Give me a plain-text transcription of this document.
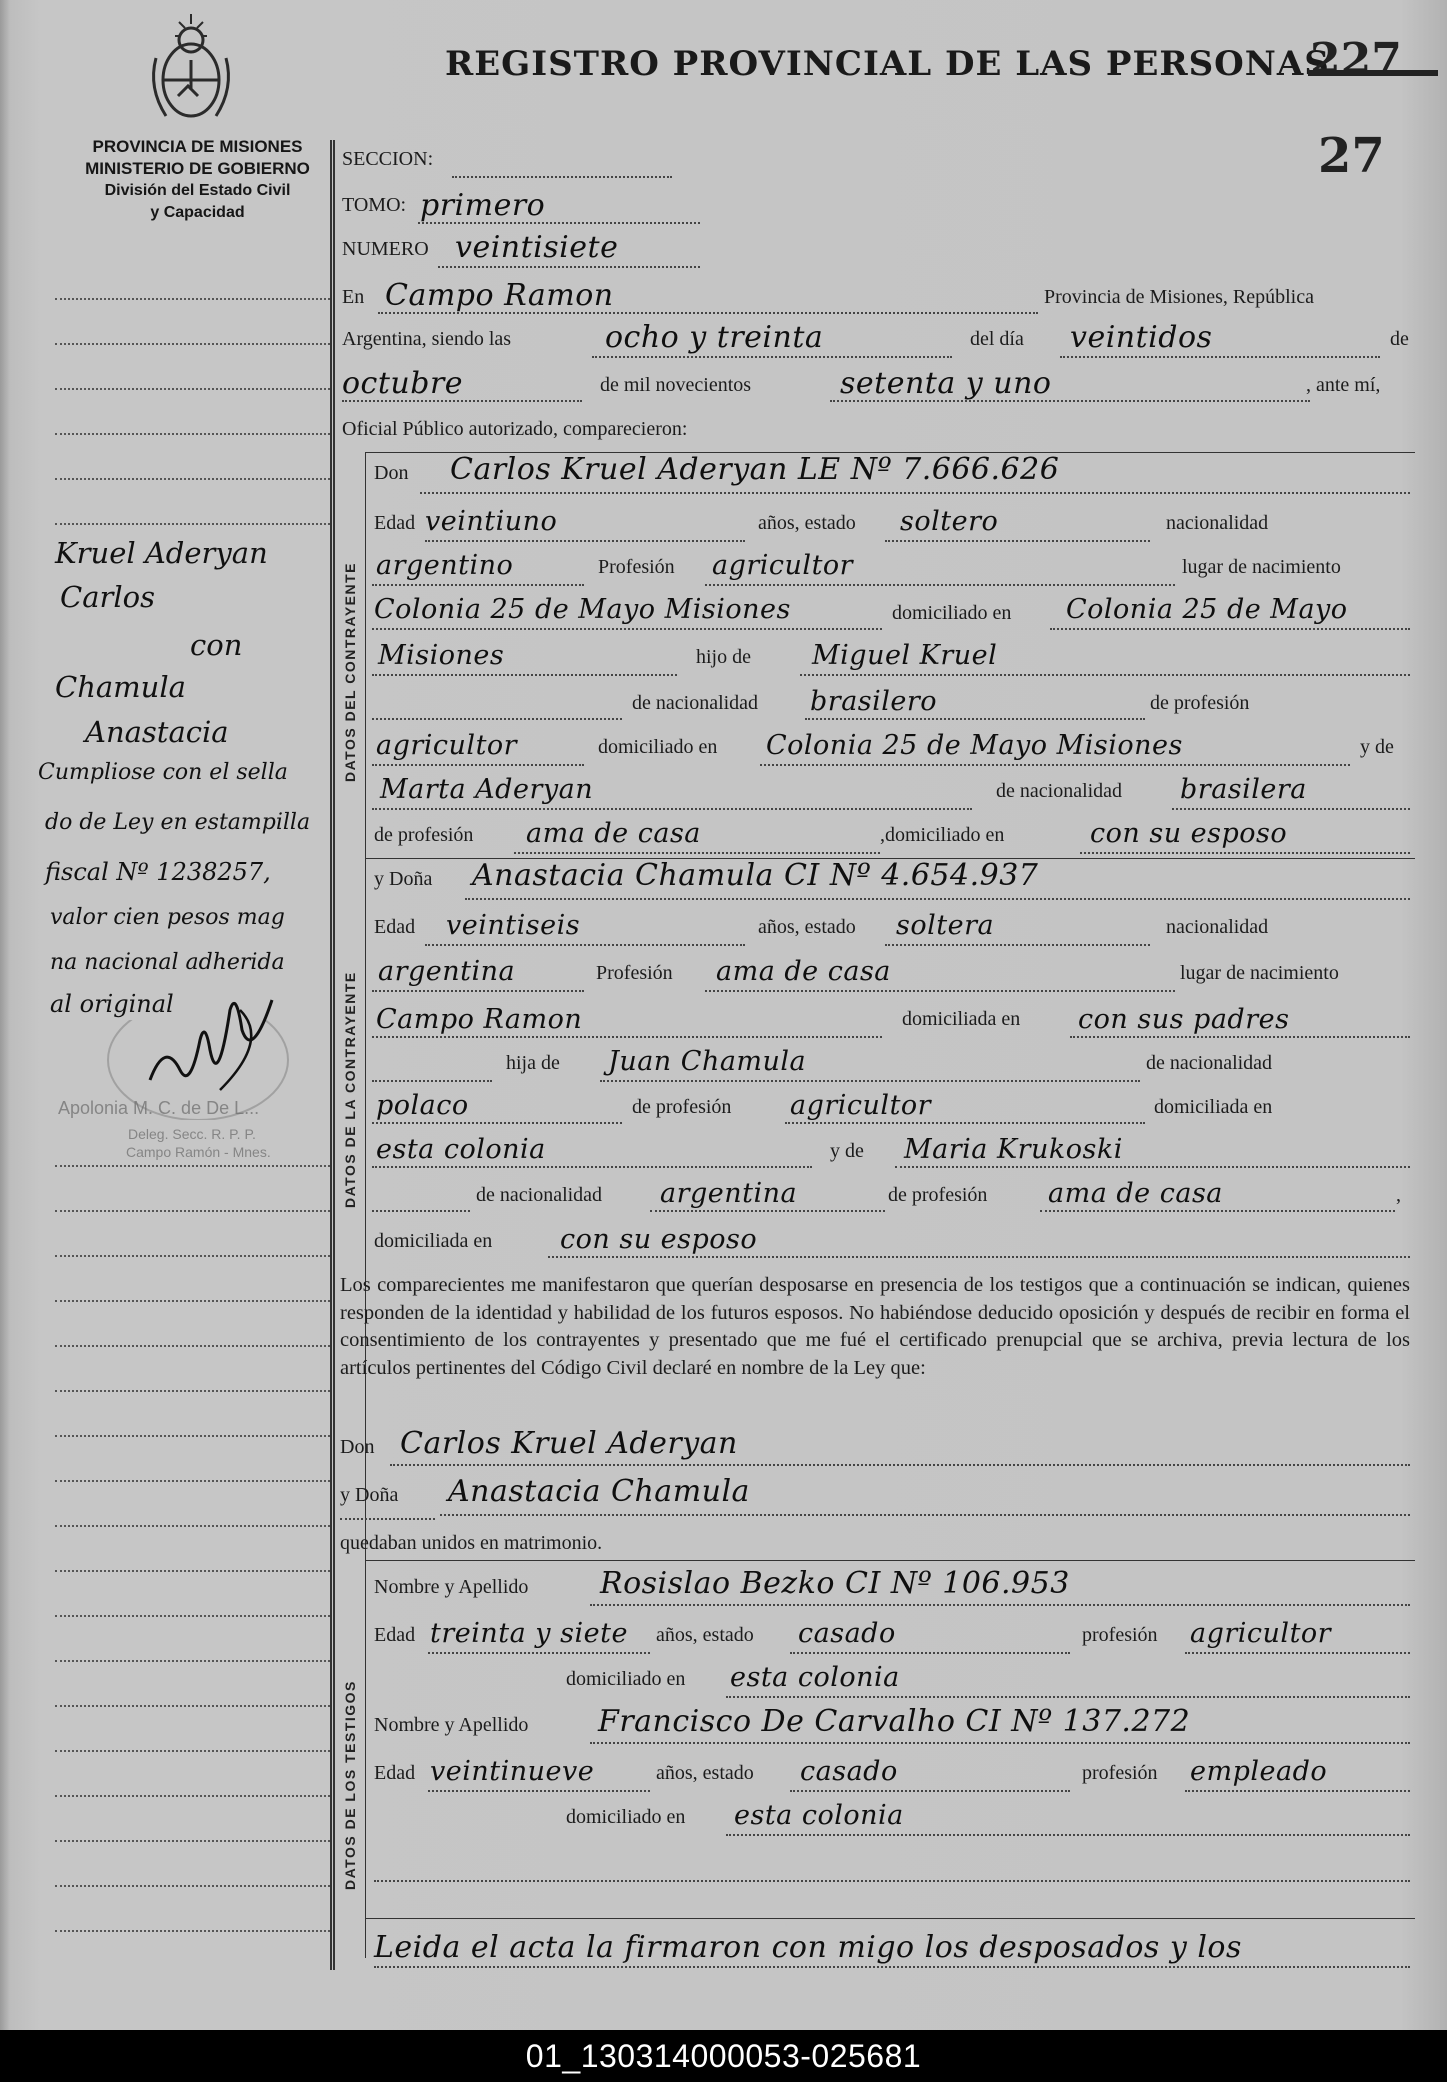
PROVINCIA DE MISIONES
MINISTERIO DE GOBIERNO
División del Estado Civil
y Capacidad
REGISTRO PROVINCIAL DE LAS PERSONAS
227
27
Kruel Aderyan
Carlos
con
Chamula
Anastacia
Cumpliose con el sella
do de Ley en estampilla
fiscal Nº 1238257,
valor cien pesos mag
na nacional adherida
al original
Apolonia M. C. de De L...
Deleg. Secc. R. P. P.
Campo Ramón - Mnes.
DATOS DEL CONTRAYENTE
DATOS DE LA CONTRAYENTE
DATOS DE LOS TESTIGOS
SECCION:
TOMO: primero
NUMERO veintisiete
En Campo Ramon	Provincia de Misiones, República
Argentina, siendo las	ocho y treinta	del día veintidos	de
octubre	de mil novecientos	setenta y uno	, ante mí,
Oficial Público autorizado, comparecieron:
Don Carlos Kruel Aderyan LE Nº 7.666.626
Edad veintiuno	años, estado soltero	nacionalidad
argentino	Profesión agricultor	lugar de nacimiento
Colonia 25 de Mayo Misiones	domiciliado en Colonia 25 de Mayo
Misiones	hijo de Miguel Kruel
de nacionalidad brasilero	de profesión
agricultor	domiciliado en Colonia 25 de Mayo Misiones	y de
Marta Aderyan	de nacionalidad brasilera
de profesión ama de casa	,domiciliado en	con su esposo
y Doña Anastacia Chamula CI Nº 4.654.937
Edad veintiseis	años, estado soltera	nacionalidad
argentina	Profesión ama de casa	lugar de nacimiento
Campo Ramon	domiciliada en con sus padres
hija de Juan Chamula	de nacionalidad
polaco	de profesión agricultor	domiciliada en
esta colonia	y de Maria Krukoski
de nacionalidad argentina	de profesión ama de casa	,
domiciliada en	con su esposo
Los comparecientes me manifestaron que querían desposarse en presencia de los testigos que a continuación se indican, quienes responden de la identidad y habilidad de los futuros esposos. No habiéndose deducido oposición y después de recibir en forma el consentimiento de los contrayentes y presentado que me fué el certificado prenupcial que se archiva, previa lectura de los artículos pertinentes del Código Civil declaré en nombre de la Ley que:
Don Carlos Kruel Aderyan
y Doña Anastacia Chamula
quedaban unidos en matrimonio.
Nombre y Apellido Rosislao Bezko CI Nº 106.953
Edad treinta y siete años, estado casado	profesión agricultor
domiciliado en esta colonia
Nombre y Apellido Francisco De Carvalho CI Nº 137.272
Edad veintinueve	años, estado casado	profesión empleado
domiciliado en esta colonia
Leida el acta la firmaron con migo los desposados y los
01_130314000053-025681
